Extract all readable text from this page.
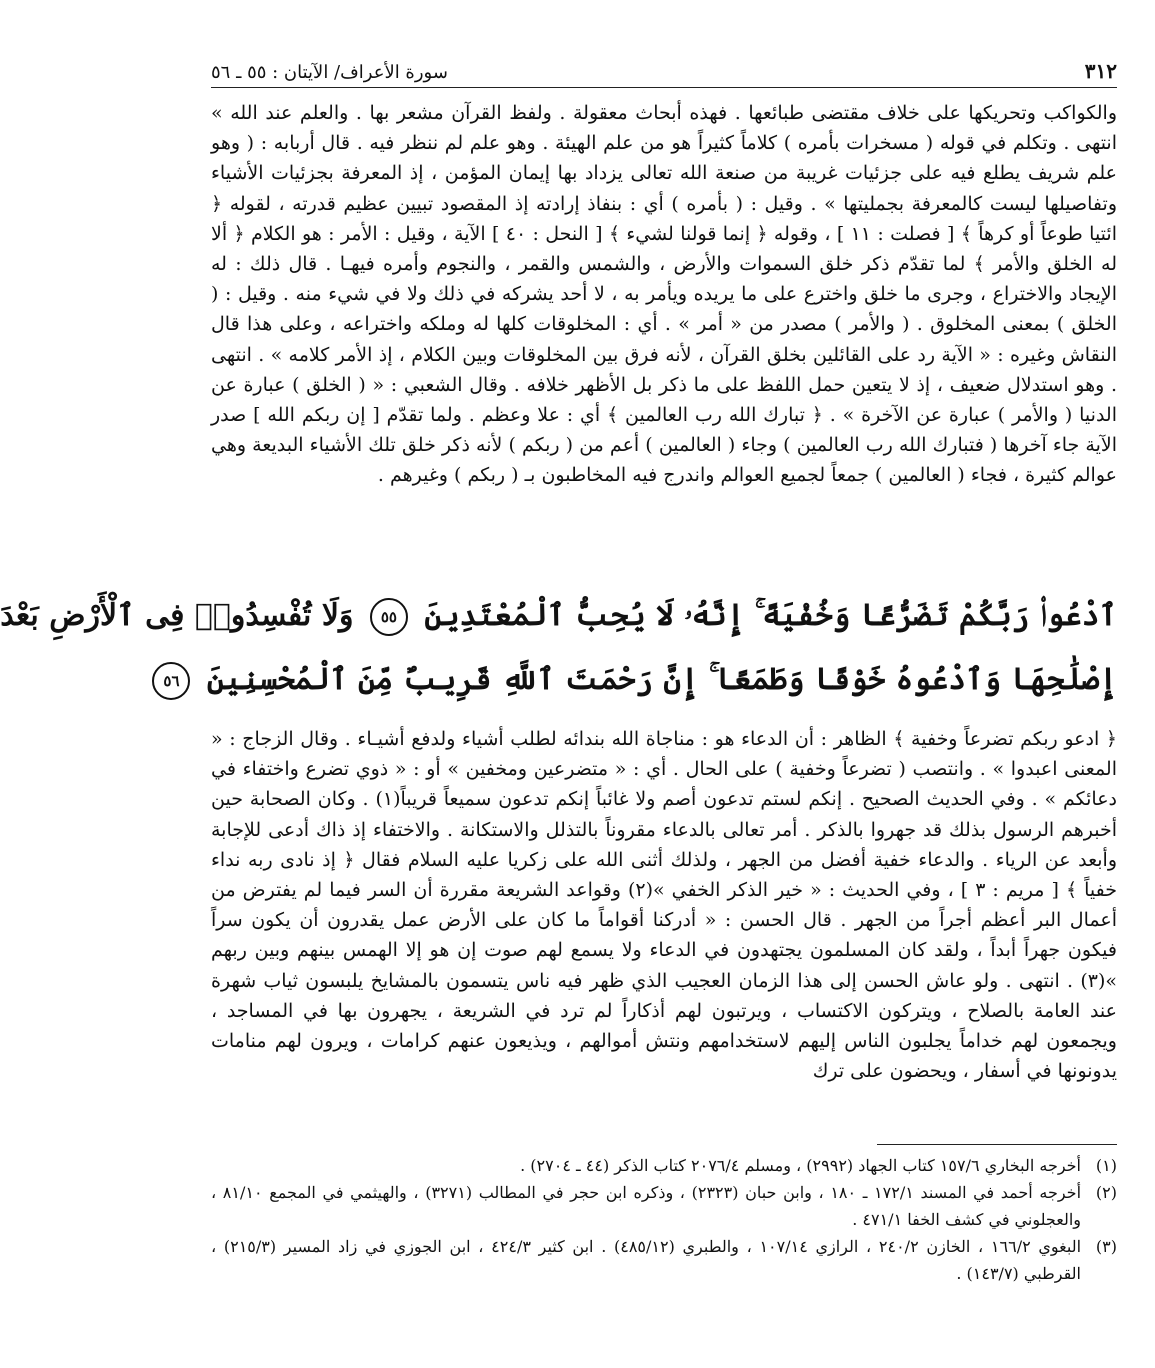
٣١٢
سورة الأعراف/ الآيتان : ٥٥ ـ ٥٦

والكواكب وتحريكها على خلاف مقتضى طبائعها . فهذه أبحاث معقولة . ولفظ القرآن مشعر بها . والعلم عند الله » انتهى . وتكلم في قوله ( مسخرات بأمره ) كلاماً كثيراً هو من علم الهيئة . وهو علم لم ننظر فيه . قال أربابه : ( وهو علم شريف يطلع فيه على جزئيات غريبة من صنعة الله تعالى يزداد بها إيمان المؤمن ، إذ المعرفة بجزئيات الأشياء وتفاصيلها ليست كالمعرفة بجمليتها » . وقيل : ( بأمره ) أي : بنفاذ إرادته إذ المقصود تبيين عظيم قدرته ، لقوله ﴿ ائتيا طوعاً أو كرهاً ﴾ [ فصلت : ١١ ] ، وقوله ﴿ إنما قولنا لشيء ﴾ [ النحل : ٤٠ ] الآية ، وقيل : الأمر : هو الكلام ﴿ ألا له الخلق والأمر ﴾ لما تقدّم ذكر خلق السموات والأرض ، والشمس والقمر ، والنجوم وأمره فيهـا . قال ذلك : له الإيجاد والاختراع ، وجرى ما خلق واخترع على ما يريده ويأمر به ، لا أحد يشركه في ذلك ولا في شيء منه . وقيل : ( الخلق ) بمعنى المخلوق . ( والأمر ) مصدر من « أمر » . أي : المخلوقات كلها له وملكه واختراعه ، وعلى هذا قال النقاش وغيره : « الآية رد على القائلين بخلق القرآن ، لأنه فرق بين المخلوقات وبين الكلام ، إذ الأمر كلامه » . انتهى . وهو استدلال ضعيف ، إذ لا يتعين حمل اللفظ على ما ذكر بل الأظهر خلافه . وقال الشعبي : « ( الخلق ) عبارة عن الدنيا ( والأمر ) عبارة عن الآخرة » . ﴿ تبارك الله رب العالمين ﴾ أي : علا وعظم . ولما تقدّم [ إن ربكم الله ] صدر الآية جاء آخرها ( فتبارك الله رب العالمين ) وجاء ( العالمين ) أعم من ( ربكم ) لأنه ذكر خلق تلك الأشياء البديعة وهي عوالم كثيرة ، فجاء ( العالمين ) جمعاً لجميع العوالم واندرج فيه المخاطبون بـ ( ربكم ) وغيرهم .

ٱدْعُوا۟ رَبَّكُمْ تَضَرُّعًا وَخُفْيَةً ۚ إِنَّهُۥ لَا يُحِبُّ ٱلْمُعْتَدِينَ ٥٥ وَلَا تُفْسِدُوا۟ فِى ٱلْأَرْضِ بَعْدَ
إِصْلَٰحِهَا وَٱدْعُوهُ خَوْفًا وَطَمَعًا ۚ إِنَّ رَحْمَتَ ٱللَّهِ قَرِيبٌ مِّنَ ٱلْمُحْسِنِينَ ٥٦

﴿ ادعو ربكم تضرعاً وخفية ﴾ الظاهر : أن الدعاء هو : مناجاة الله بندائه لطلب أشياء ولدفع أشيـاء . وقال الزجاج : « المعنى اعبدوا » . وانتصب ( تضرعاً وخفية ) على الحال . أي : « متضرعين ومخفين » أو : « ذوي تضرع واختفاء في دعائكم » . وفي الحديث الصحيح . إنكم لستم تدعون أصم ولا غائباً إنكم تدعون سميعاً قريباً(١) . وكان الصحابة حين أخبرهم الرسول بذلك قد جهروا بالذكر . أمر تعالى بالدعاء مقروناً بالتذلل والاستكانة . والاختفاء إذ ذاك أدعى للإجابة وأبعد عن الرياء . والدعاء خفية أفضل من الجهر ، ولذلك أثنى الله على زكريا عليه السلام فقال ﴿ إذ نادى ربه نداء خفياً ﴾ [ مريم : ٣ ] ، وفي الحديث : « خير الذكر الخفي »(٢) وقواعد الشريعة مقررة أن السر فيما لم يفترض من أعمال البر أعظم أجراً من الجهر . قال الحسن : « أدركنا أقواماً ما كان على الأرض عمل يقدرون أن يكون سراً فيكون جهراً أبداً ، ولقد كان المسلمون يجتهدون في الدعاء ولا يسمع لهم صوت إن هو إلا الهمس بينهم وبين ربهم »(٣) . انتهى . ولو عاش الحسن إلى هذا الزمان العجيب الذي ظهر فيه ناس يتسمون بالمشايخ يلبسون ثياب شهرة عند العامة بالصلاح ، ويتركون الاكتساب ، ويرتبون لهم أذكاراً لم ترد في الشريعة ، يجهرون بها في المساجد ، ويجمعون لهم خداماً يجلبون الناس إليهم لاستخدامهم ونتش أموالهم ، ويذيعون عنهم كرامات ، ويرون لهم منامات يدونونها في أسفار ، ويحضون على ترك

(١)
أخرجه البخاري ١٥٧/٦ كتاب الجهاد (٢٩٩٢) ، ومسلم ٢٠٧٦/٤ كتاب الذكر (٤٤ ـ ٢٧٠٤) .
(٢)
أخرجه أحمد في المسند ١٧٢/١ ـ ١٨٠ ، وابن حبان (٢٣٢٣) ، وذكره ابن حجر في المطالب (٣٢٧١) ، والهيثمي في المجمع ٨١/١٠ ، والعجلوني في كشف الخفا ٤٧١/١ .
(٣)
البغوي ١٦٦/٢ ، الخازن ٢٤٠/٢ ، الرازي ١٠٧/١٤ ، والطبري (٤٨٥/١٢) . ابن كثير ٤٢٤/٣ ، ابن الجوزي في زاد المسير (٢١٥/٣) ، القرطبي (١٤٣/٧) .
